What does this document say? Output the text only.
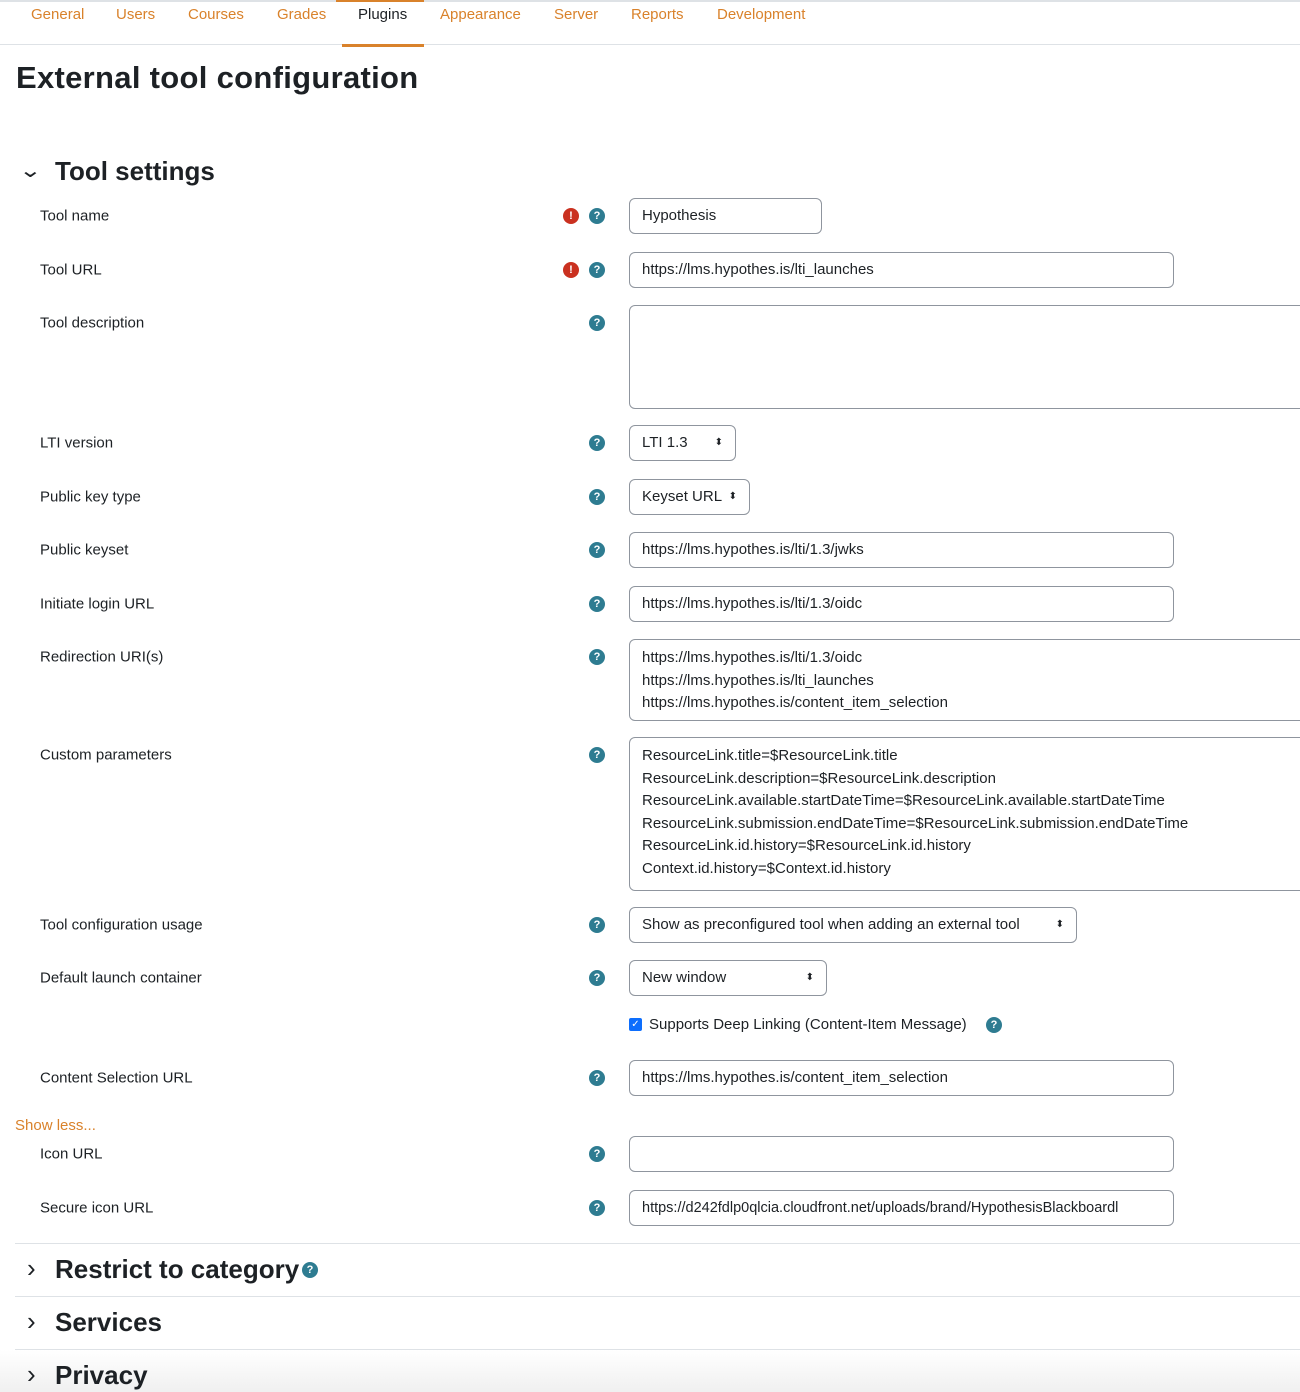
General Users Courses Grades Plugins Appearance Server Reports Development
External tool configuration
⌄ Tool settings
Tool name	!	?	Hypothesis
Tool URL	!	?	https://lms.hypothes.is/lti_launches
Tool description	?
LTI version	?	LTI 1.3	⬍
Public key type	?	Keyset URL ⬍
Public keyset	?	https://lms.hypothes.is/lti/1.3/jwks
Initiate login URL	?	https://lms.hypothes.is/lti/1.3/oidc
Redirection URI(s)	?	https://lms.hypothes.is/lti/1.3/oidc
https://lms.hypothes.is/lti_launches
https://lms.hypothes.is/content_item_selection
Custom parameters	?	ResourceLink.title=$ResourceLink.title
ResourceLink.description=$ResourceLink.description
ResourceLink.available.startDateTime=$ResourceLink.available.startDateTime
ResourceLink.submission.endDateTime=$ResourceLink.submission.endDateTime
ResourceLink.id.history=$ResourceLink.id.history
Context.id.history=$Context.id.history
Tool configuration usage	?	Show as preconfigured tool when adding an external tool	⬍
Default launch container	?	New window	⬍
✓ Supports Deep Linking (Content-Item Message)	?
Content Selection URL	?	https://lms.hypothes.is/content_item_selection
Show less...
Icon URL	?
Secure icon URL	?	https://d242fdlp0qlcia.cloudfront.net/uploads/brand/HypothesisBlackboardl
› Restrict to category ?
› Services
› Privacy
